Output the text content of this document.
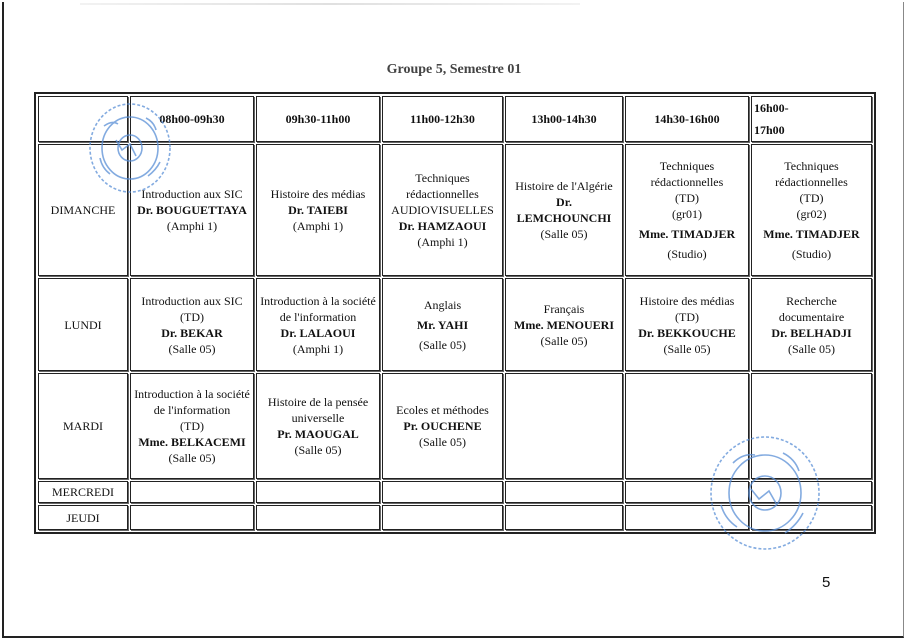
Groupe 5, Semestre 01
	08h00-09h30	09h30-11h00	11h00-12h30	13h00-14h30	14h30-16h00	16h00-
17h00
DIMANCHE	Introduction aux SIC
Dr. BOUGUETTAYA
(Amphi 1)	Histoire des médias
Dr. TAIEBI
(Amphi 1)	Techniques rédactionnelles AUDIOVISUELLES
Dr. HAMZAOUI
(Amphi 1)	Histoire de l'Algérie
Dr. LEMCHOUNCHI
(Salle 05)	Techniques rédactionnelles
(TD)
(gr01)
Mme. TIMADJER
(Studio)	Techniques rédactionnelles
(TD)
(gr02)
Mme. TIMADJER
(Studio)

LUNDI	Introduction aux SIC
(TD)
Dr. BEKAR
(Salle 05)	Introduction à la société de l'information
Dr. LALAOUI
(Amphi 1)	Anglais
Mr. YAHI
(Salle 05)	Français
Mme. MENOUERI
(Salle 05)	Histoire des médias
(TD)
Dr. BEKKOUCHE
(Salle 05)	Recherche documentaire
Dr. BELHADJI
(Salle 05)

MARDI	Introduction à la société de l'information
(TD)
Mme. BELKACEMI
(Salle 05)	Histoire de la pensée universelle
Pr. MAOUGAL
(Salle 05)	Ecoles et méthodes
Pr. OUCHENE
(Salle 05)			

MERCREDI						
JEUDI						
5
